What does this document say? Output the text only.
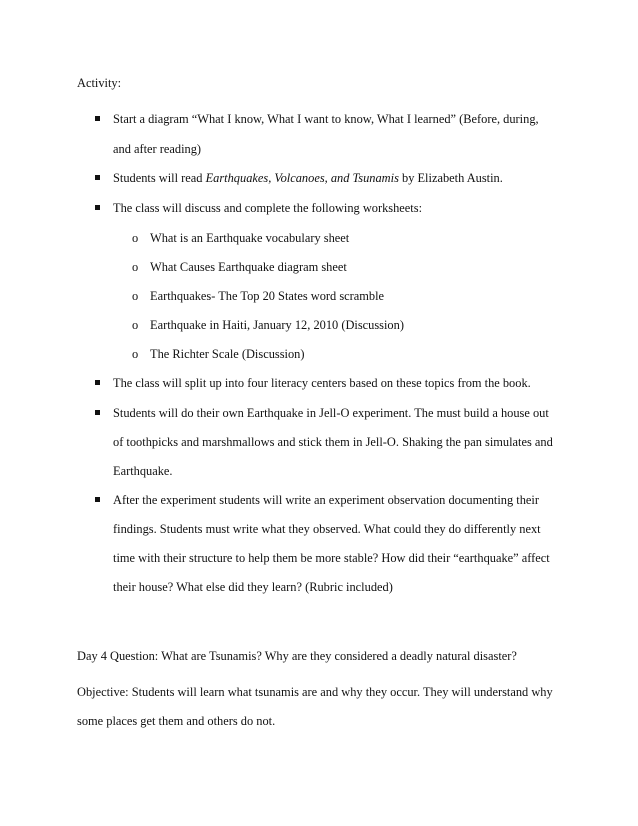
Activity:
Start a diagram “What I know, What I want to know, What I learned” (Before, during,
and after reading)
Students will read Earthquakes, Volcanoes, and Tsunamis by Elizabeth Austin.
The class will discuss and complete the following worksheets:
o What is an Earthquake vocabulary sheet
o What Causes Earthquake diagram sheet
o Earthquakes- The Top 20 States word scramble
o Earthquake in Haiti, January 12, 2010 (Discussion)
o The Richter Scale (Discussion)
The class will split up into four literacy centers based on these topics from the book.
Students will do their own Earthquake in Jell-O experiment. The must build a house out
of toothpicks and marshmallows and stick them in Jell-O. Shaking the pan simulates and
Earthquake.
After the experiment students will write an experiment observation documenting their
findings. Students must write what they observed. What could they do differently next
time with their structure to help them be more stable? How did their “earthquake” affect
their house? What else did they learn? (Rubric included)
Day 4 Question: What are Tsunamis? Why are they considered a deadly natural disaster?
Objective: Students will learn what tsunamis are and why they occur. They will understand why
some places get them and others do not.
